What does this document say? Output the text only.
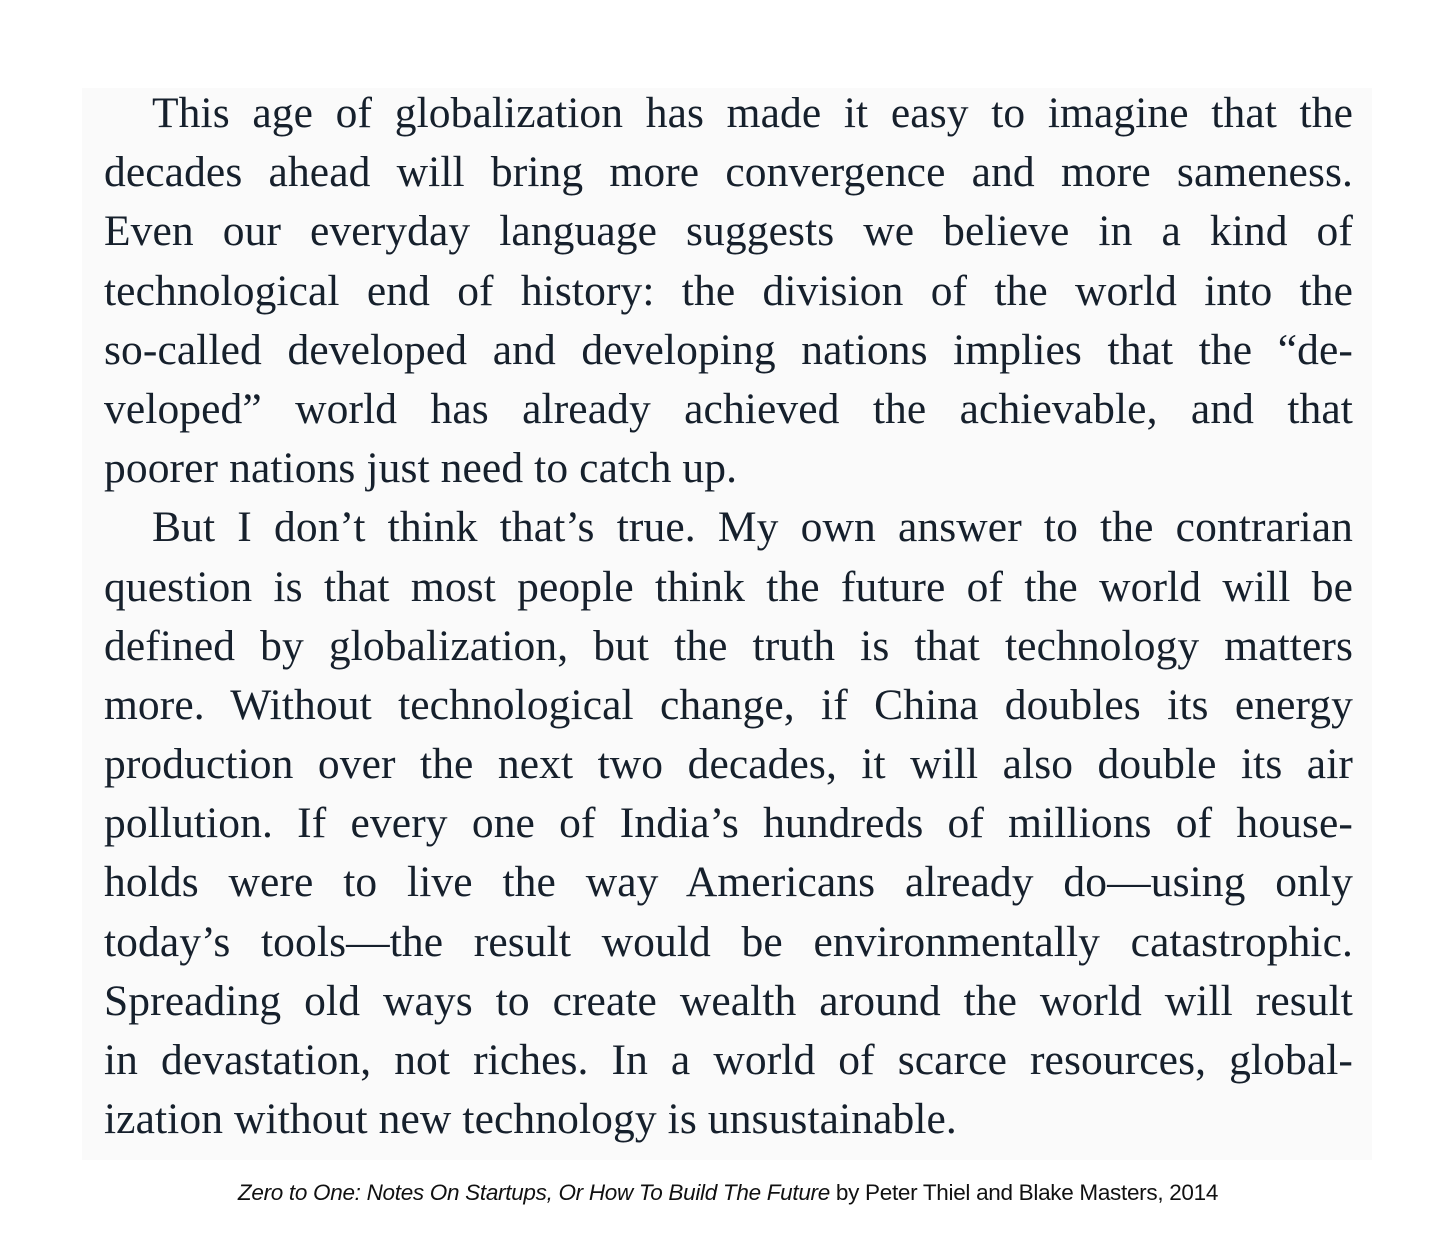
This age of globalization has made it easy to imagine that the
decades ahead will bring more convergence and more sameness.
Even our everyday language suggests we believe in a kind of
technological end of history: the division of the world into the
so-called developed and developing nations implies that the “de-
veloped” world has already achieved the achievable, and that
poorer nations just need to catch up.
But I don’t think that’s true. My own answer to the contrarian
question is that most people think the future of the world will be
defined by globalization, but the truth is that technology matters
more. Without technological change, if China doubles its energy
production over the next two decades, it will also double its air
pollution. If every one of India’s hundreds of millions of house-
holds were to live the way Americans already do—using only
today’s tools—the result would be environmentally catastrophic.
Spreading old ways to create wealth around the world will result
in devastation, not riches. In a world of scarce resources, global-
ization without new technology is unsustainable.
Zero to One: Notes On Startups, Or How To Build The Future by Peter Thiel and Blake Masters, 2014
